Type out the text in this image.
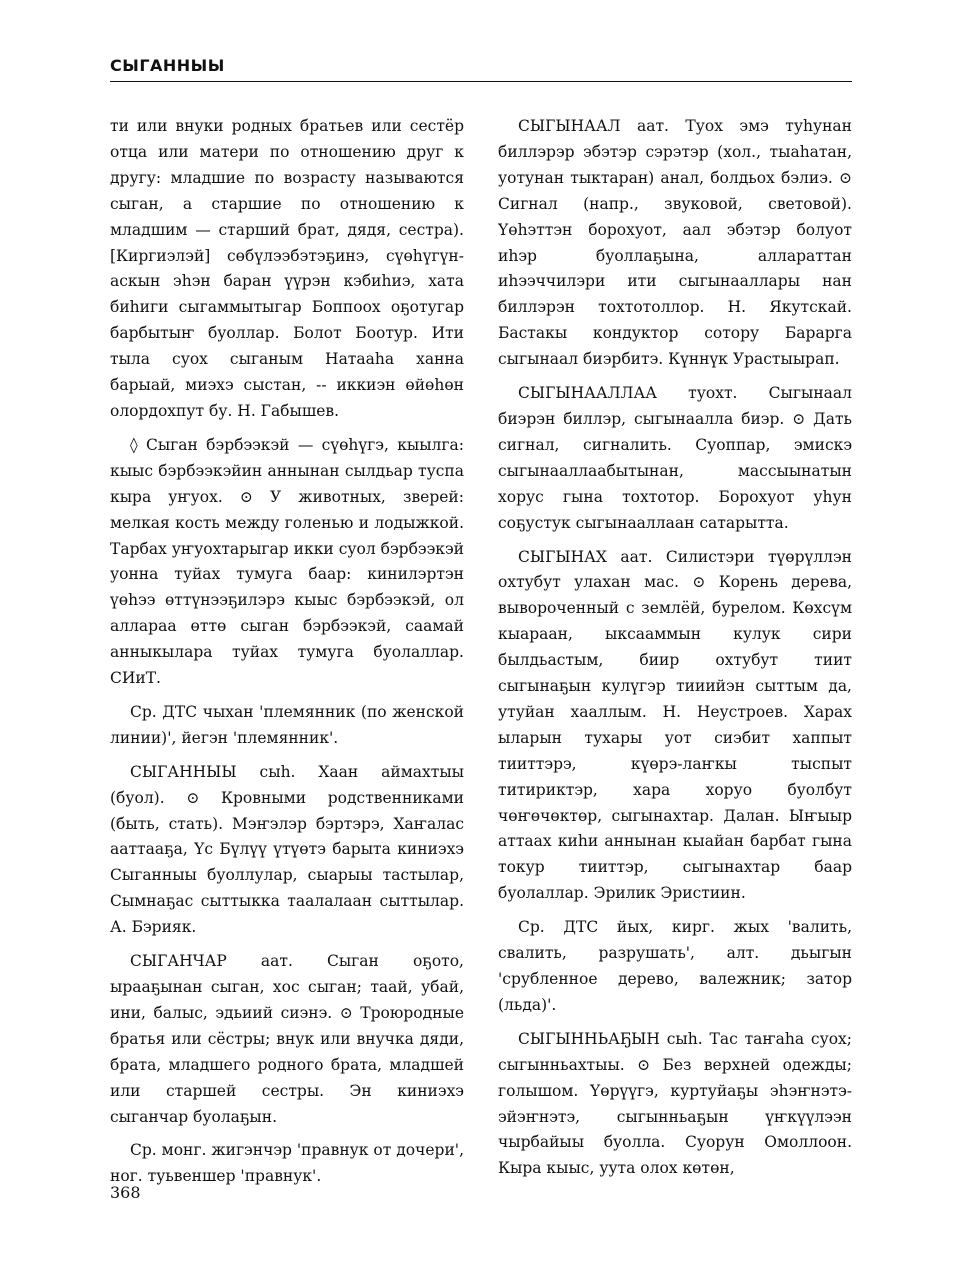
СЫГАННЫЫ

ти или внуки родных братьев или сестёр отца или матери по отношению друг к другу: младшие по возрасту называются сыган, а старшие по отношению к младшим — старший брат, дядя, сестра). [Киргиэлэй] сөбүлээбэтэҕинэ, сүөһүгүн-аскын эһэн баран үүрэн кэбиһиэ, хата биһиги сыгаммытыгар Боппоох оҕотугар барбытыҥ буоллар. Болот Боотур. Ити тыла суох сыганым Натааһа ханна барыай, миэхэ сыстан, -- иккиэн өйөһөн олордохпут бу. Н. Габышев.

◊ Сыган бэрбээкэй — сүөһүгэ, кыылга: кыыс бэрбээкэйин аннынан сылдьар туспа кыра уҥуох. ⊙ У животных, зверей: мелкая кость между голенью и лодыжкой. Тарбах уҥуохтарыгар икки суол бэрбээкэй уонна туйах тумуга баар: кинилэртэн үөһээ өттүнээҕилэрэ кыыс бэрбээкэй, ол алларaa өттө сыган бэрбээкэй, саамай анныкылара туйах тумуга буолаллар. СИиТ.

Ср. ДТС чыхан 'племянник (по женской линии)', йегэн 'племянник'.

СЫГАННЫЫ сыһ. Хаан аймахтыы (буол). ⊙ Кровными родственниками (быть, стать). Мэҥэлэр бэртэрэ, Хаҥалас ааттааҕа, Үс Бүлүү үтүөтэ барыта киниэхэ Сыганныы буоллулар, сыарыы тастылар, Сымнаҕас сыттыкка таалалаан сыттылар. А. Бэрияк.

СЫГАНЧАР аат. Сыган оҕото, ыраaҕынан сыган, хос сыган; таай, убай, ини, балыс, эдьиий сиэнэ. ⊙ Троюродные братья или сёстры; внук или внучка дяди, брата, младшего родного брата, младшей или старшей сестры. Эн киниэхэ сыганчар буолаҕын.

Ср. монг. жигэнчэр 'правнук от дочери', ног. туьвеншер 'правнук'.

СЫГЫНААЛ аат. Туох эмэ туһунан биллэрэр эбэтэр сэрэтэр (хол., тыаһатан, уотунан тыктаран) анал, болдьох бэлиэ. ⊙ Сигнал (напр., звуковой, световой). Үөһэттэн борохуот, аал эбэтэр болуот иһэр буоллаҕына, алларaттан иһээччилэри ити сыгынааллары нан биллэрэн тохтотоллор. Н. Якутскай. Бастакы кондуктор сотору Бараргa сыгынаал биэрбитэ. Күннүк Урастыырап.

СЫГЫНААЛЛАА туохт. Сыгынаал биэрэн биллэр, сыгынаалла биэр. ⊙ Дать сигнал, сигналить. Суоппар, эмискэ сыгынааллаабытынан, массыынатын хорус гына тохтотор. Борохуот уһун соҕустук сыгынааллаан сатарытта.

СЫГЫНАХ аат. Силистэри түөрүллэн охтубут улахан мас. ⊙ Корень дерева, вывороченный с землёй, бурелом. Көхсүм кыараан, ыксааммын кулук сири былдьастым, биир охтубут тиит сыгынаҕын кулүгэр тииийэн сыттым да, утуйан хааллым. Н. Неустроев. Харах ыларын тухары уот сиэбит хаппыт тииттэрэ, күөрэ-лаҥкы тыспыт титириктэр, хара хоруо буолбут чөҥөчөктөр, сыгынахтар. Далан. Ыҥыыр аттаах киһи аннынан кыайан барбат гына токур тииттэр, сыгынахтар баар буолаллар. Эрилик Эристиин.

Ср. ДТС йых, кирг. жых 'валить, свалить, разрушать', алт. дьыгын 'срубленное дерево, валежник; затор (льда)'.

СЫГЫННЬАҔЫН сыһ. Тас таҥаһа суох; сыгынньахтыы. ⊙ Без верхней одежды; голышом. Үөрүүгэ, куртуйаҕы эһэҥнэтэ-эйэҥнэтэ, сыгынньаҕын үҥкүүлээн чырбайыы буолла. Суорун Омоллоон. Кыра кыыс, уута олох көтөн,

368
